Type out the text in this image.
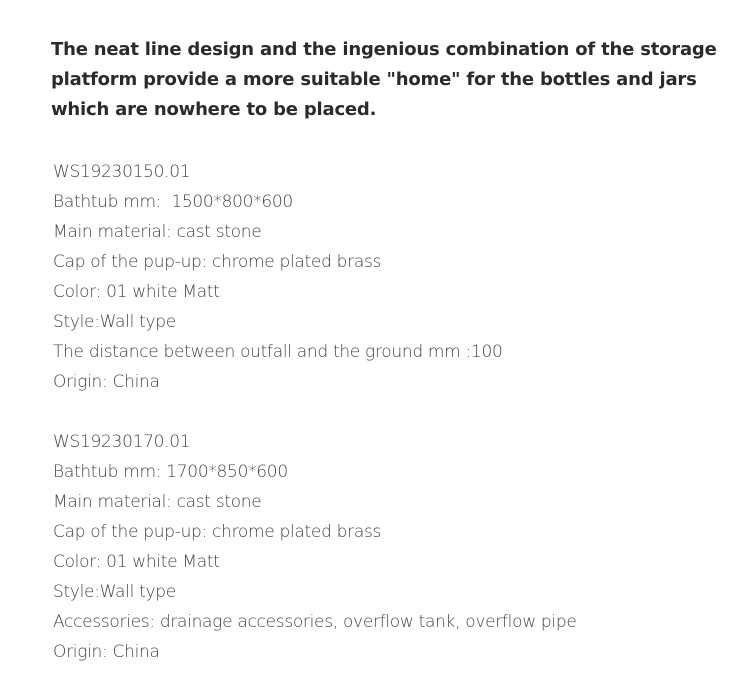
The neat line design and the ingenious combination of the storage platform provide a more suitable "home" for the bottles and jars which are nowhere to be placed.

WS19230150.01
Bathtub mm:  1500*800*600
Main material: cast stone
Cap of the pup-up: chrome plated brass
Color: 01 white Matt
Style:Wall type
The distance between outfall and the ground mm :100
Origin: China
WS19230170.01
Bathtub mm: 1700*850*600
Main material: cast stone
Cap of the pup-up: chrome plated brass
Color: 01 white Matt
Style:Wall type
Accessories: drainage accessories, overflow tank, overflow pipe
Origin: China
